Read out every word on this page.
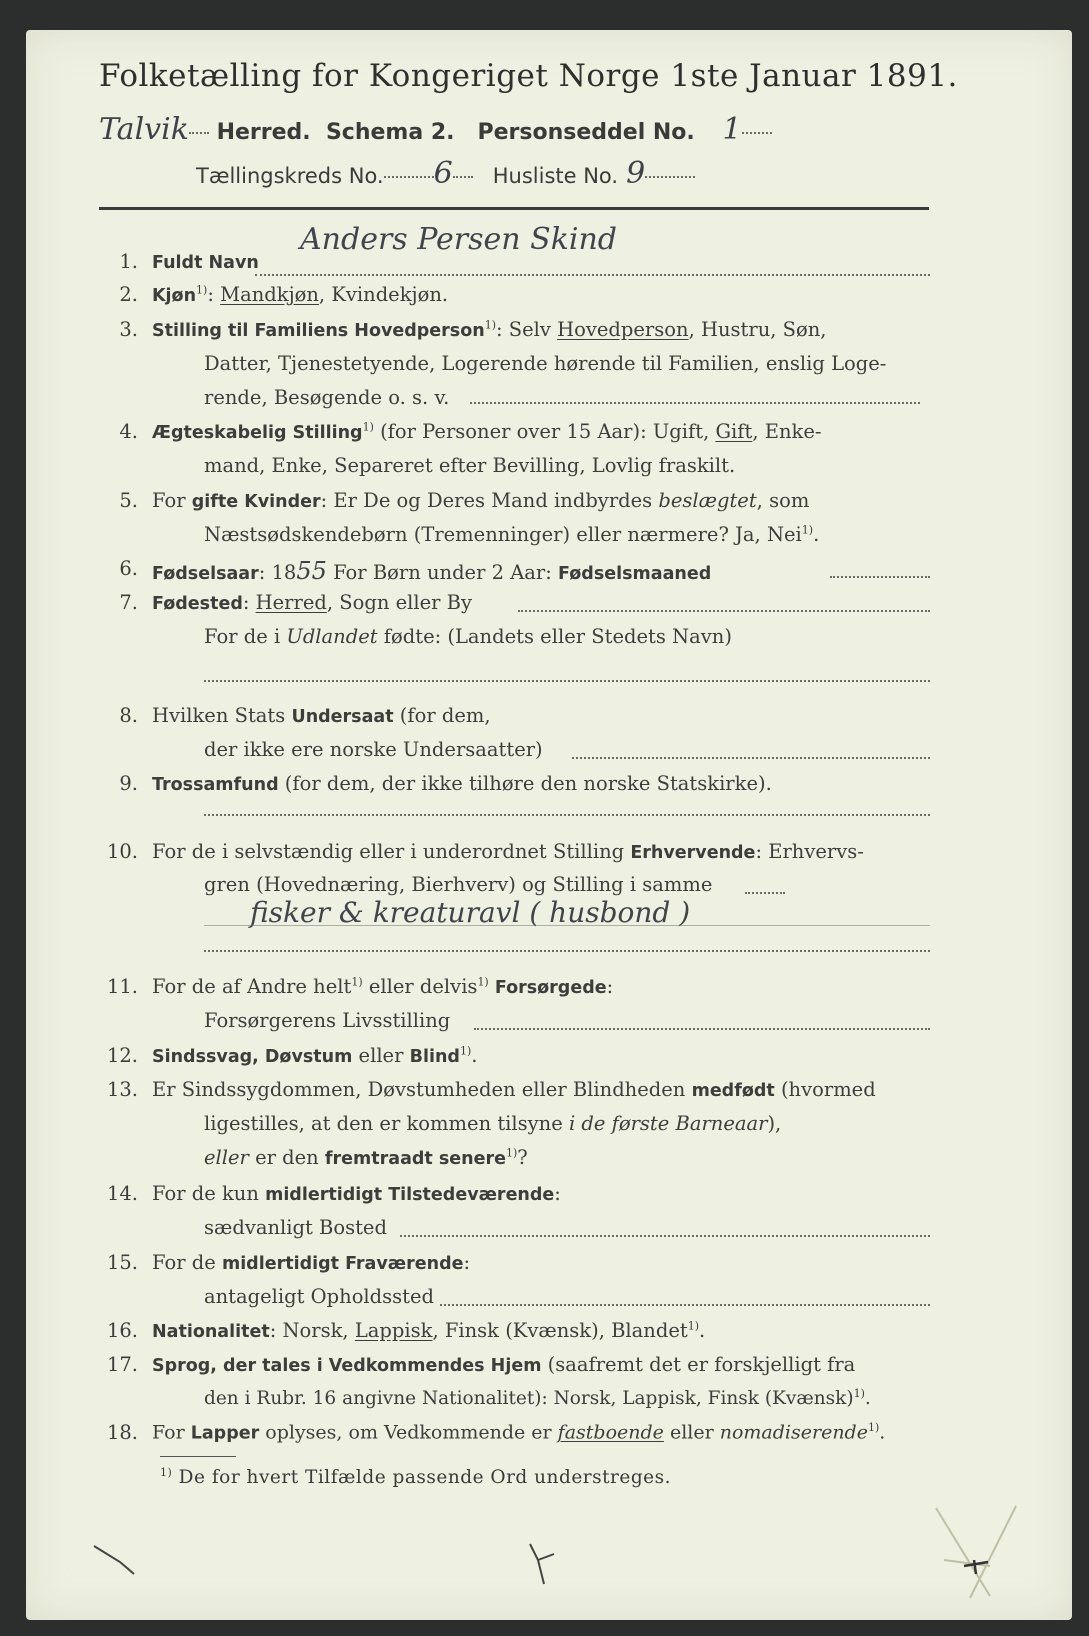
Folketælling for Kongeriget Norge 1ste Januar 1891.
Talvik Herred. Schema 2. Personseddel No. 1
Tællingskreds No. 6 Husliste No. 9
1. Fuldt Navn
Anders Persen Skind
2. Kjøn$^{1)}$: Mandkjøn, Kvindekjøn.
3. Stilling til Familiens Hovedperson$^{1)}$: Selv Hovedperson, Hustru, Søn,
Datter, Tjenestetyende, Logerende hørende til Familien, enslig Loge-
rende, Besøgende o. s. v.
4. Ægteskabelig Stilling$^{1)}$ (for Personer over 15 Aar): Ugift, Gift, Enke-
mand, Enke, Separeret efter Bevilling, Lovlig fraskilt.
5. For gifte Kvinder: Er De og Deres Mand indbyrdes beslægtet, som
Næstsødskendebørn (Tremenninger) eller nærmere? Ja, Nei$^{1)}$.
6. Fødselsaar: 1855 For Børn under 2 Aar: Fødselsmaaned
7. Fødested: Herred, Sogn eller By
For de i Udlandet fødte: (Landets eller Stedets Navn)
8. Hvilken Stats Undersaat (for dem,
der ikke ere norske Undersaatter)
9. Trossamfund (for dem, der ikke tilhøre den norske Statskirke).
10. For de i selvstændig eller i underordnet Stilling Erhvervende: Erhvervs-
gren (Hovednæring, Bierhverv) og Stilling i samme
fisker & kreaturavl ( husbond )
11. For de af Andre helt$^{1)}$ eller delvis$^{1)}$ Forsørgede:
Forsørgerens Livsstilling
12. Sindssvag, Døvstum eller Blind$^{1)}$.
13. Er Sindssygdommen, Døvstumheden eller Blindheden medfødt (hvormed
ligestilles, at den er kommen tilsyne i de første Barneaar),
eller er den fremtraadt senere$^{1)}$?
14. For de kun midlertidigt Tilstedeværende:
sædvanligt Bosted
15. For de midlertidigt Fraværende:
antageligt Opholdssted
16. Nationalitet: Norsk, Lappisk, Finsk (Kvænsk), Blandet$^{1)}$.
17. Sprog, der tales i Vedkommendes Hjem (saafremt det er forskjelligt fra
den i Rubr. 16 angivne Nationalitet): Norsk, Lappisk, Finsk (Kvænsk)$^{1)}$.
18. For Lapper oplyses, om Vedkommende er fastboende eller nomadiserende$^{1)}$.
$^{1)}$ De for hvert Tilfælde passende Ord understreges.
